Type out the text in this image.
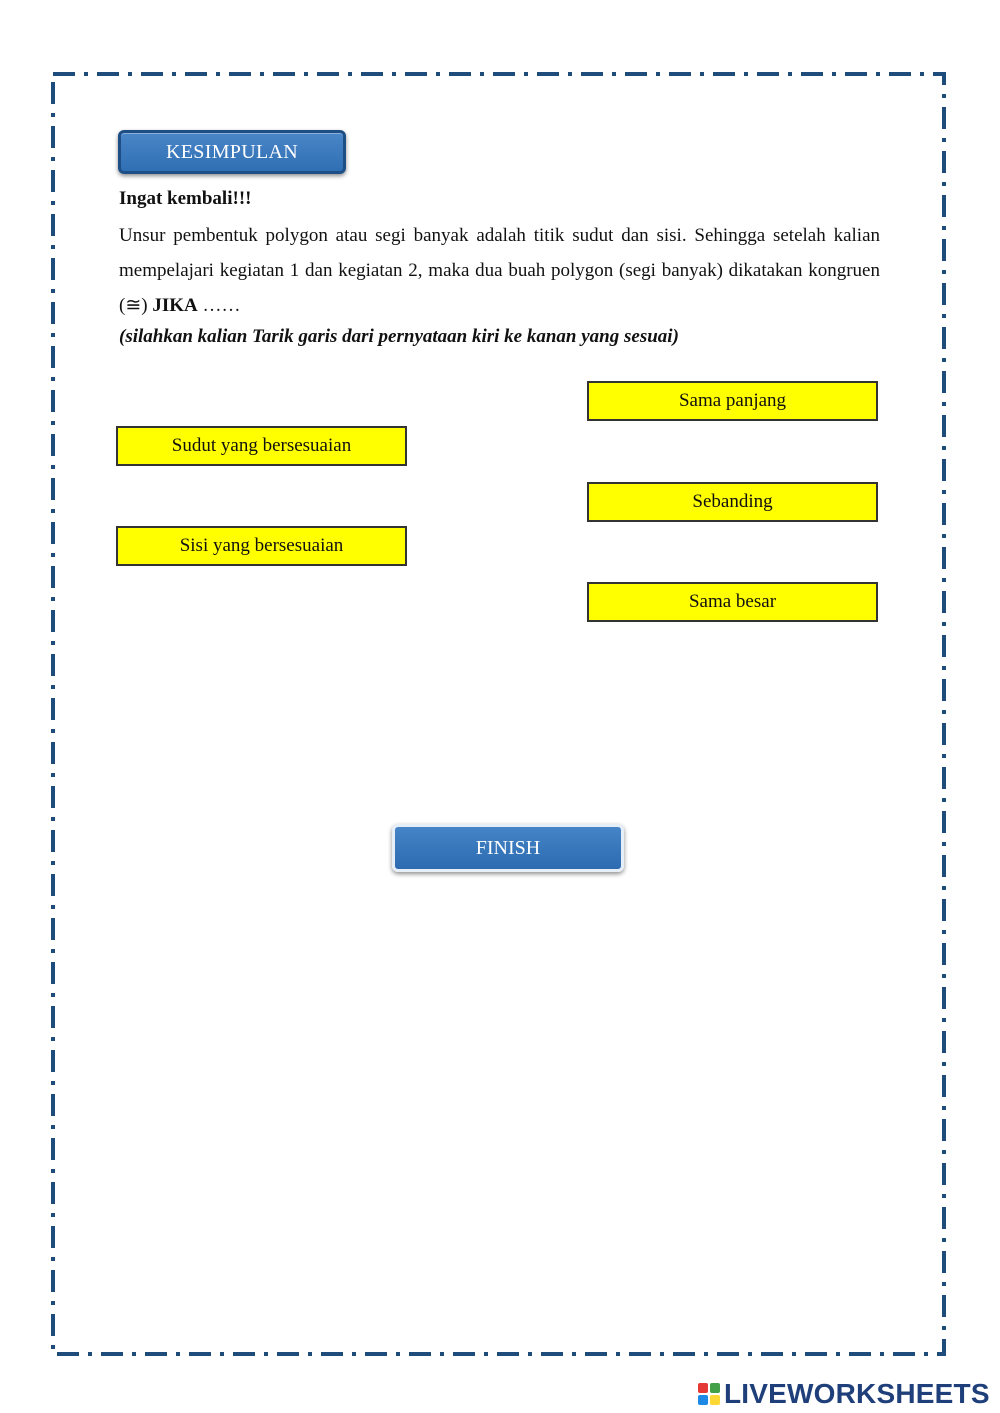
KESIMPULAN
Ingat kembali!!!
Unsur pembentuk polygon atau segi banyak adalah titik sudut dan sisi. Sehingga setelah kalian mempelajari kegiatan 1 dan kegiatan 2, maka dua buah polygon (segi banyak) dikatakan kongruen (≅) JIKA ……
(silahkan kalian Tarik garis dari pernyataan kiri ke kanan yang sesuai)
Sudut yang bersesuaian
Sisi yang bersesuaian
Sama panjang
Sebanding
Sama besar
FINISH
LIVEWORKSHEETS
